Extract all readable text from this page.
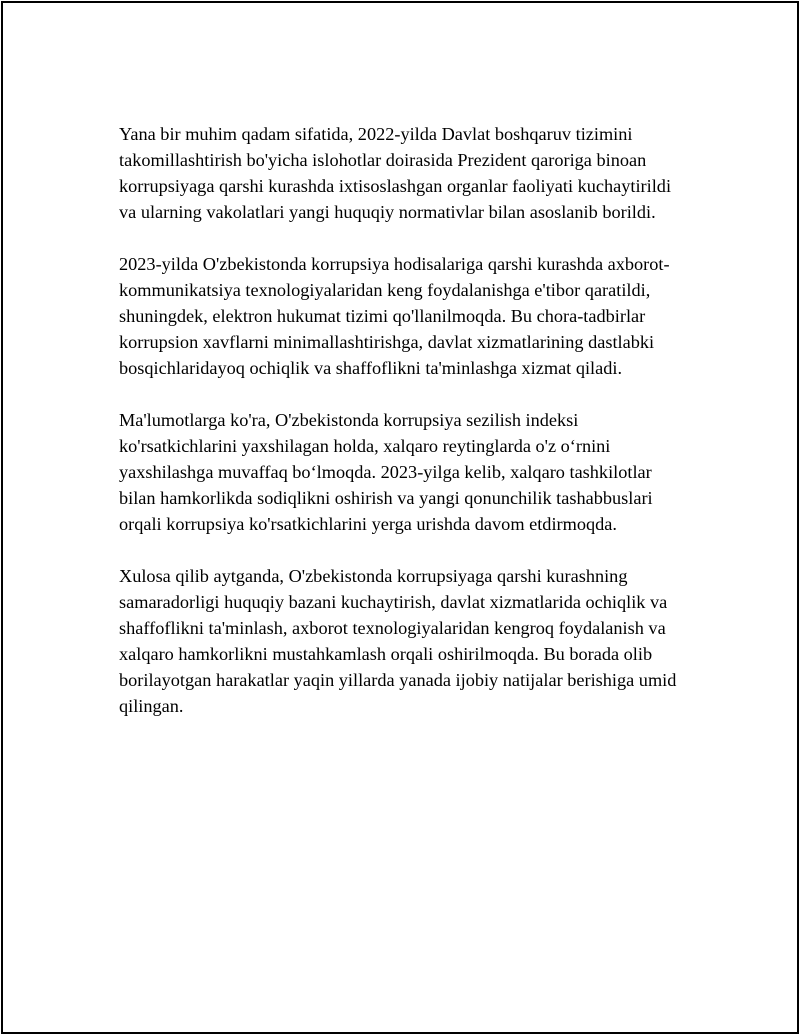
Yana bir muhim qadam sifatida, 2022-yilda Davlat boshqaruv tizimini
takomillashtirish bo'yicha islohotlar doirasida Prezident qaroriga binoan
korrupsiyaga qarshi kurashda ixtisoslashgan organlar faoliyati kuchaytirildi
va ularning vakolatlari yangi huquqiy normativlar bilan asoslanib borildi.

2023-yilda O'zbekistonda korrupsiya hodisalariga qarshi kurashda axborot-
kommunikatsiya texnologiyalaridan keng foydalanishga e'tibor qaratildi,
shuningdek, elektron hukumat tizimi qo'llanilmoqda. Bu chora-tadbirlar
korrupsion xavflarni minimallashtirishga, davlat xizmatlarining dastlabki
bosqichlaridayoq ochiqlik va shaffoflikni ta'minlashga xizmat qiladi.

Ma'lumotlarga ko'ra, O'zbekistonda korrupsiya sezilish indeksi
ko'rsatkichlarini yaxshilagan holda, xalqaro reytinglarda o'z o‘rnini
yaxshilashga muvaffaq bo‘lmoqda. 2023-yilga kelib, xalqaro tashkilotlar
bilan hamkorlikda sodiqlikni oshirish va yangi qonunchilik tashabbuslari
orqali korrupsiya ko'rsatkichlarini yerga urishda davom etdirmoqda.

Xulosa qilib aytganda, O'zbekistonda korrupsiyaga qarshi kurashning
samaradorligi huquqiy bazani kuchaytirish, davlat xizmatlarida ochiqlik va
shaffoflikni ta'minlash, axborot texnologiyalaridan kengroq foydalanish va
xalqaro hamkorlikni mustahkamlash orqali oshirilmoqda. Bu borada olib
borilayotgan harakatlar yaqin yillarda yanada ijobiy natijalar berishiga umid
qilingan.
